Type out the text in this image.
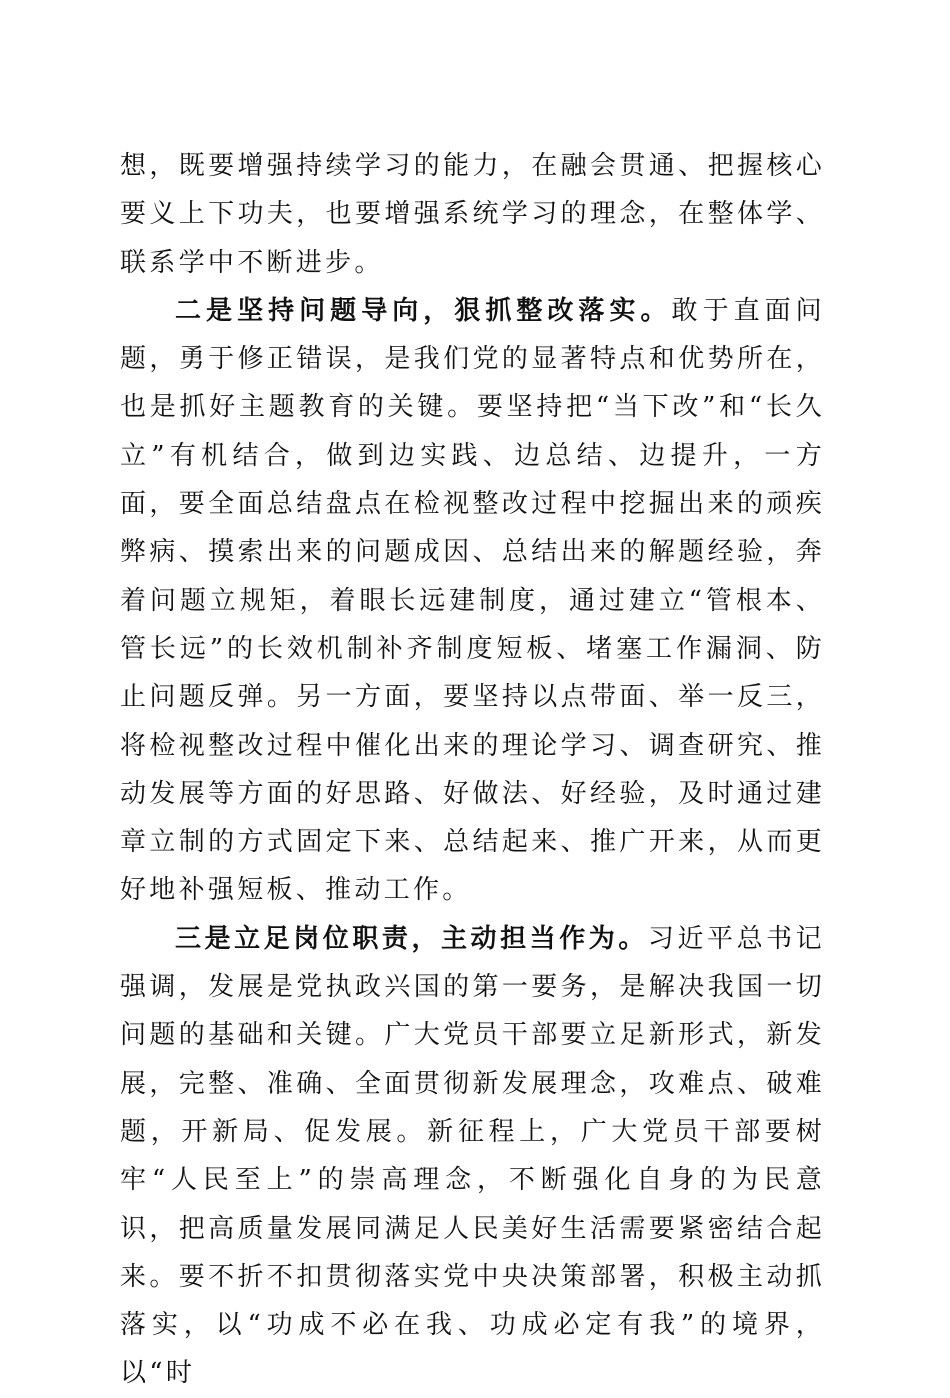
想，既要增强持续学习的能力，在融会贯通、把握核心要义上下功夫，也要增强系统学习的理念，在整体学、联系学中不断进步。

二是坚持问题导向，狠抓整改落实。敢于直面问题，勇于修正错误，是我们党的显著特点和优势所在，也是抓好主题教育的关键。要坚持把“当下改”和“长久立”有机结合，做到边实践、边总结、边提升，一方面，要全面总结盘点在检视整改过程中挖掘出来的顽疾弊病、摸索出来的问题成因、总结出来的解题经验，奔着问题立规矩，着眼长远建制度，通过建立“管根本、管长远”的长效机制补齐制度短板、堵塞工作漏洞、防止问题反弹。另一方面，要坚持以点带面、举一反三，将检视整改过程中催化出来的理论学习、调查研究、推动发展等方面的好思路、好做法、好经验，及时通过建章立制的方式固定下来、总结起来、推广开来，从而更好地补强短板、推动工作。

三是立足岗位职责，主动担当作为。习近平总书记强调，发展是党执政兴国的第一要务，是解决我国一切问题的基础和关键。广大党员干部要立足新形式，新发展，完整、准确、全面贯彻新发展理念，攻难点、破难题，开新局、促发展。新征程上，广大党员干部要树牢“人民至上”的崇高理念，不断强化自身的为民意识，把高质量发展同满足人民美好生活需要紧密结合起来。要不折不扣贯彻落实党中央决策部署，积极主动抓落实，以“功成不必在我、功成必定有我”的境界，以“时
